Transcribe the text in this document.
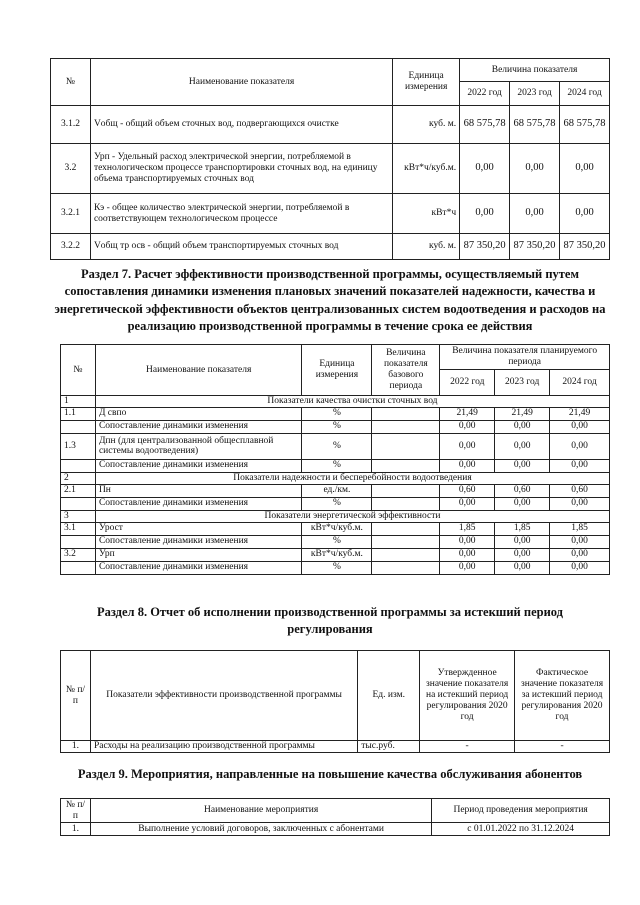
№	Наименование показателя	Единица измерения	Величина показателя		
			2022 год	2023 год	2024 год
3.1.2	Vобщ - общий объем сточных вод, подвергающихся очистке	куб. м.	68 575,78	68 575,78	68 575,78
3.2	Урп - Удельный расход электрической энергии, потребляемой в технологическом процессе транспортировки сточных вод, на единицу объема транспортируемых сточных вод	кВт*ч/куб.м.	0,00	0,00	0,00
3.2.1	Кэ - общее количество электрической энергии, потребляемой в соответствующем технологическом процессе	кВт*ч	0,00	0,00	0,00
3.2.2	Vобщ тр осв - общий объем транспортируемых сточных вод	куб. м.	87 350,20	87 350,20	87 350,20

Раздел 7. Расчет эффективности производственной программы, осуществляемый путем сопоставления динамики изменения плановых значений показателей надежности, качества и энергетической эффективности объектов централизованных систем водоотведения и расходов на реализацию производственной программы в течение срока ее действия

№	Наименование показателя	Единица измерения	Величина показателя базового периода	Величина показателя планируемого периода		
				2022 год	2023 год	2024 год
1	Показатели качества очистки сточных вод					
1.1	Д свпо	%		21,49	21,49	21,49
	Сопоставление динамики изменения	%		0,00	0,00	0,00
1.3	Дпн (для централизованной общесплавной системы водоотведения)	%		0,00	0,00	0,00
	Сопоставление динамики изменения	%		0,00	0,00	0,00
2	Показатели надежности и бесперебойности водоотведения					
2.1	Пн	ед./км.		0,60	0,60	0,60
	Сопоставление динамики изменения	%		0,00	0,00	0,00
3	Показатели энергетической эффективности					
3.1	Урост	кВт*ч/куб.м.		1,85	1,85	1,85
	Сопоставление динамики изменения	%		0,00	0,00	0,00
3.2	Урп	кВт*ч/куб.м.		0,00	0,00	0,00
	Сопоставление динамики изменения	%		0,00	0,00	0,00

Раздел 8. Отчет об исполнении производственной программы за истекший период регулирования

№ п/п	Показатели эффективности производственной программы	Ед. изм.	Утвержденное значение показателя на истекший период регулирования 2020 год	Фактическое значение показателя за истекший период регулирования 2020 год
1.	Расходы на реализацию производственной программы	тыс.руб.	-	-

Раздел 9. Мероприятия, направленные на повышение качества обслуживания абонентов

№ п/п	Наименование мероприятия	Период проведения мероприятия
1.	Выполнение условий договоров, заключенных с абонентами	с 01.01.2022 по 31.12.2024
